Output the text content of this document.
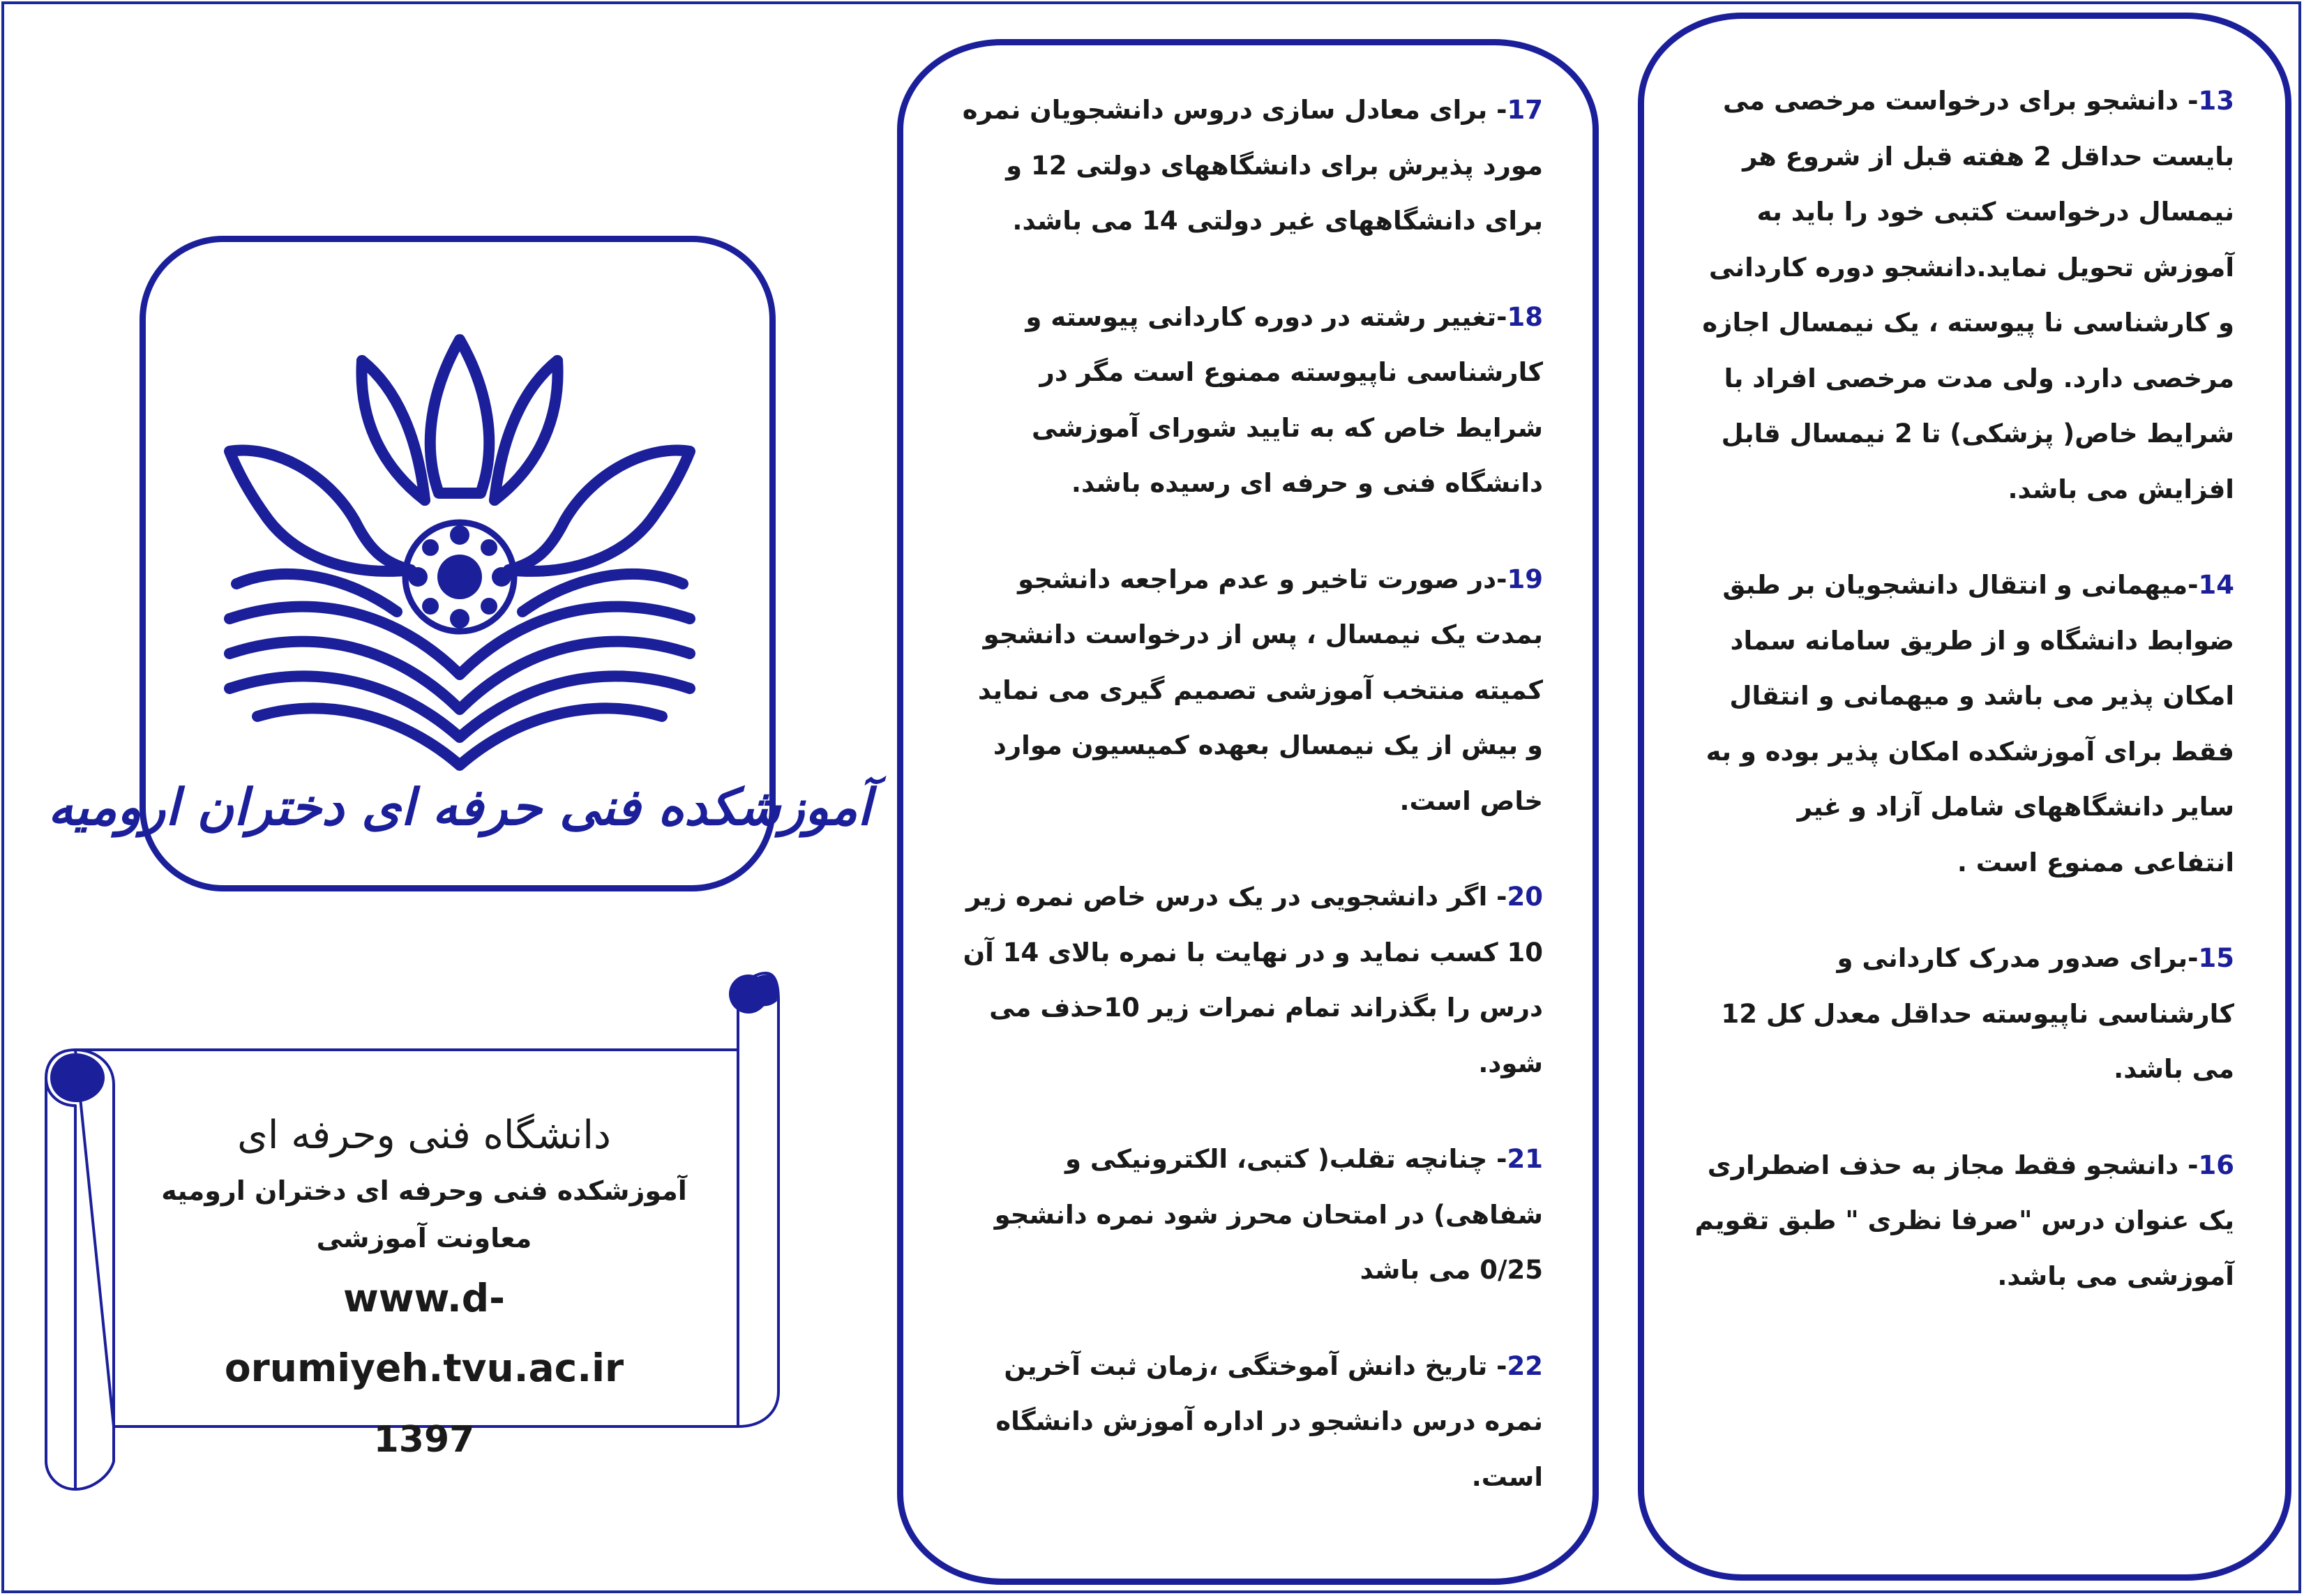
13- دانشجو برای درخواست مرخصی می بایست حداقل 2 هفته قبل از شروع هر نیمسال درخواست کتبی خود را باید به آموزش تحویل نماید.دانشجو دوره کاردانی و کارشناسی نا پیوسته ، یک نیمسال اجازه مرخصی دارد. ولی مدت مرخصی افراد با شرایط خاص( پزشکی) تا 2 نیمسال قابل افزایش می باشد.

14-میهمانی و انتقال دانشجویان بر طبق ضوابط دانشگاه و از طریق سامانه سماد امکان پذیر می باشد و میهمانی و انتقال فقط برای آموزشکده امکان پذیر بوده و به سایر دانشگاههای شامل آزاد و غیر انتفاعی ممنوع است .

15-برای صدور مدرک کاردانی و کارشناسی ناپیوسته حداقل معدل کل 12 می باشد.

16- دانشجو فقط مجاز به حذف اضطراری یک عنوان درس "صرفا نظری " طبق تقویم آموزشی می باشد.

17- برای معادل سازی دروس دانشجویان نمره مورد پذیرش برای دانشگاههای دولتی 12 و برای دانشگاههای غیر دولتی 14 می باشد.

18-تغییر رشته در دوره کاردانی پیوسته و کارشناسی ناپیوسته ممنوع است مگر در شرایط خاص که به تایید شورای آموزشی دانشگاه فنی و حرفه ای رسیده باشد.

19-در صورت تاخیر و عدم مراجعه دانشجو بمدت یک نیمسال ، پس از درخواست دانشجو کمیته منتخب آموزشی تصمیم گیری می نماید و بیش از یک نیمسال بعهده کمیسیون موارد خاص است.

20- اگر دانشجویی در یک درس خاص نمره زیر 10 کسب نماید و در نهایت با نمره بالای 14 آن درس را بگذراند تمام نمرات زیر 10حذف می شود.

21- چنانچه تقلب( کتبی، الکترونیکی و شفاهی) در امتحان محرز شود نمره دانشجو 0/25 می باشد

22- تاریخ دانش آموختگی ،زمان ثبت آخرین نمره درس دانشجو در اداره آموزش دانشگاه است.

آموزشکده فنی حرفه ای دختران ارومیه

دانشگاه فنی وحرفه ای

آموزشکده فنی وحرفه ای دختران ارومیه

معاونت آموزشی

www.d-orumiyeh.tvu.ac.ir

1397
